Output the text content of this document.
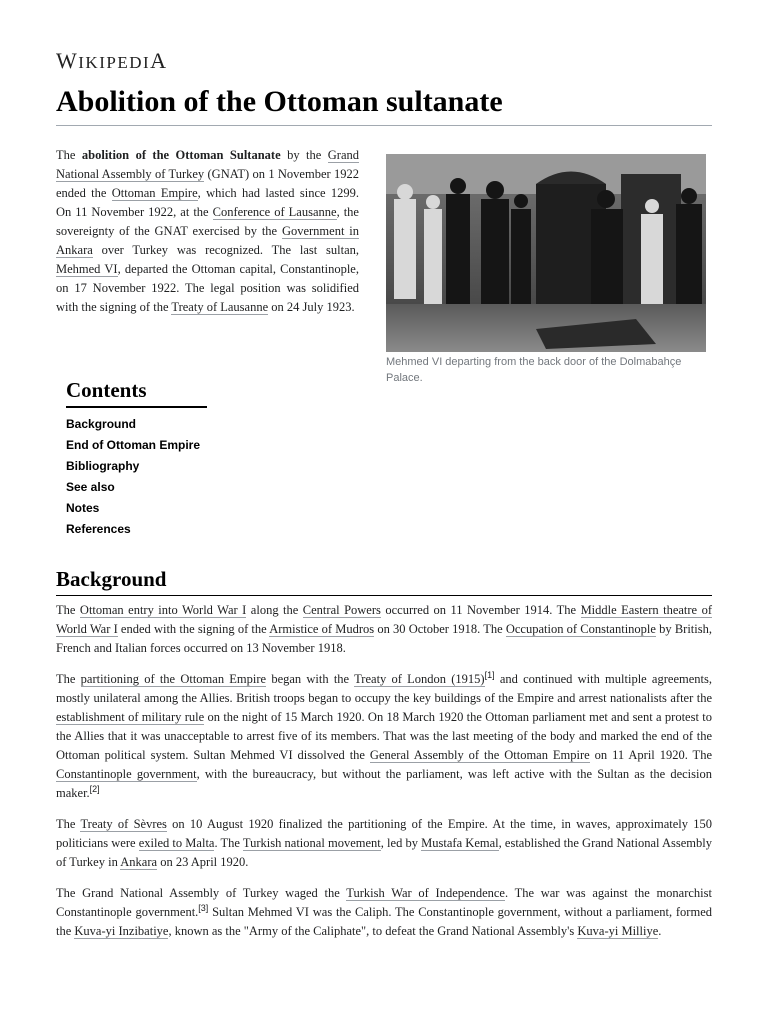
WIKIPEDIA
Abolition of the Ottoman sultanate
The abolition of the Ottoman Sultanate by the Grand National Assembly of Turkey (GNAT) on 1 November 1922 ended the Ottoman Empire, which had lasted since 1299. On 11 November 1922, at the Conference of Lausanne, the sovereignty of the GNAT exercised by the Government in Ankara over Turkey was recognized. The last sultan, Mehmed VI, departed the Ottoman capital, Constantinople, on 17 November 1922. The legal position was solidified with the signing of the Treaty of Lausanne on 24 July 1923.
Mehmed VI departing from the back door of the Dolmabahçe Palace.
Contents
Background
End of Ottoman Empire
Bibliography
See also
Notes
References
Background

The Ottoman entry into World War I along the Central Powers occurred on 11 November 1914. The Middle Eastern theatre of World War I ended with the signing of the Armistice of Mudros on 30 October 1918. The Occupation of Constantinople by British, French and Italian forces occurred on 13 November 1918.

The partitioning of the Ottoman Empire began with the Treaty of London (1915)[1] and continued with multiple agreements, mostly unilateral among the Allies. British troops began to occupy the key buildings of the Empire and arrest nationalists after the establishment of military rule on the night of 15 March 1920. On 18 March 1920 the Ottoman parliament met and sent a protest to the Allies that it was unacceptable to arrest five of its members. That was the last meeting of the body and marked the end of the Ottoman political system. Sultan Mehmed VI dissolved the General Assembly of the Ottoman Empire on 11 April 1920. The Constantinople government, with the bureaucracy, but without the parliament, was left active with the Sultan as the decision maker.[2]

The Treaty of Sèvres on 10 August 1920 finalized the partitioning of the Empire. At the time, in waves, approximately 150 politicians were exiled to Malta. The Turkish national movement, led by Mustafa Kemal, established the Grand National Assembly of Turkey in Ankara on 23 April 1920.

The Grand National Assembly of Turkey waged the Turkish War of Independence. The war was against the monarchist Constantinople government.[3] Sultan Mehmed VI was the Caliph. The Constantinople government, without a parliament, formed the Kuva-yi Inzibatiye, known as the "Army of the Caliphate", to defeat the Grand National Assembly's Kuva-yi Milliye.
